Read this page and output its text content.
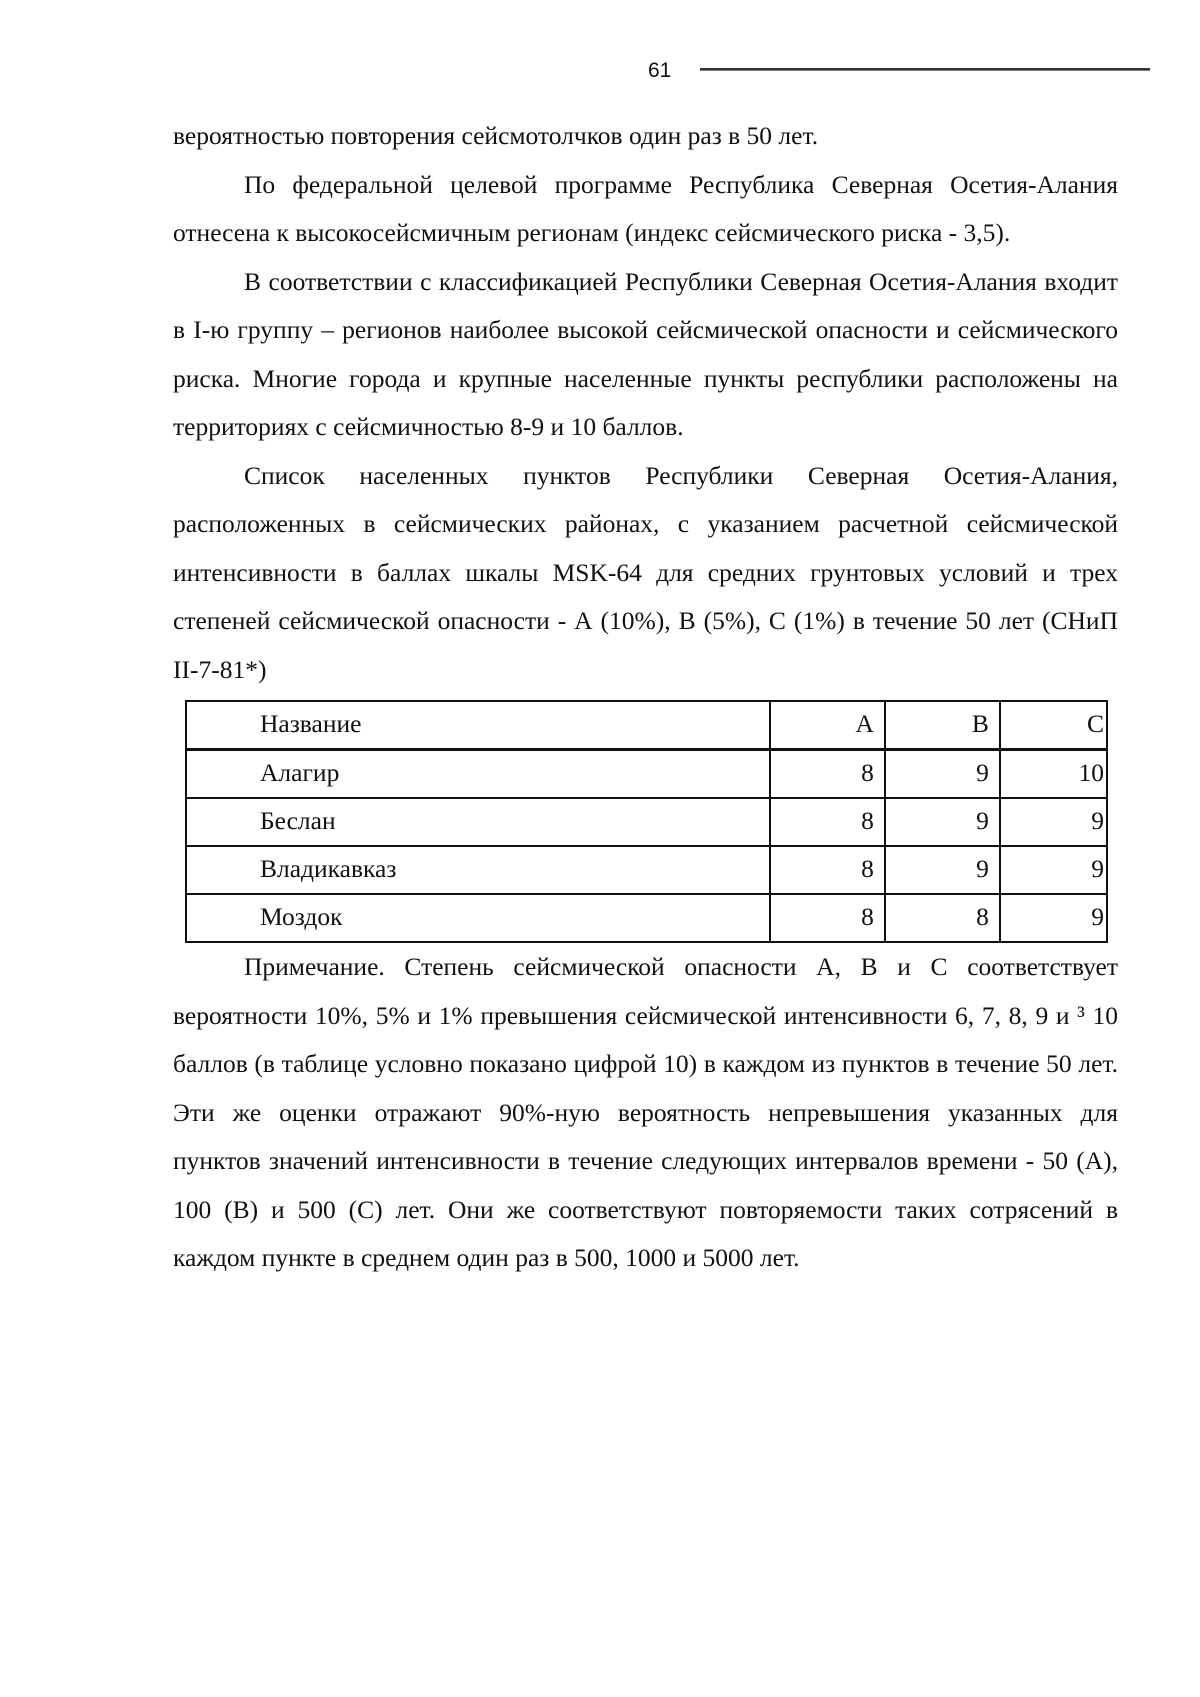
61

вероятностью повторения сейсмотолчков один раз в 50 лет.

По федеральной целевой программе Республика Северная Осетия-Алания отнесена к высокосейсмичным регионам (индекс сейсмического риска - 3,5).

В соответствии с классификацией Республики Северная Осетия-Алания входит в I-ю группу – регионов наиболее высокой сейсмической опасности и сейсмического риска. Многие города и крупные населенные пункты республики расположены на территориях с сейсмичностью 8-9 и 10 баллов.

Список населенных пунктов Республики Северная Осетия-Алания, расположенных в сейсмических районах, с указанием расчетной сейсмической интенсивности в баллах шкалы MSK-64 для средних грунтовых условий и трех степеней сейсмической опасности - А (10%), В (5%), С (1%) в течение 50 лет (СНиП II-7-81*)

Название	А	В	С
Алагир	8	9	10
Беслан	8	9	9
Владикавказ	8	9	9
Моздок	8	8	9

Примечание. Степень сейсмической опасности А, В и С соответствует вероятности 10%, 5% и 1% превышения сейсмической интенсивности 6, 7, 8, 9 и ³ 10 баллов (в таблице условно показано цифрой 10) в каждом из пунктов в течение 50 лет. Эти же оценки отражают 90%-ную вероятность непревышения указанных для пунктов значений интенсивности в течение следующих интервалов времени - 50 (А), 100 (В) и 500 (С) лет. Они же соответствуют повторяемости таких сотрясений в каждом пункте в среднем один раз в 500, 1000 и 5000 лет.
